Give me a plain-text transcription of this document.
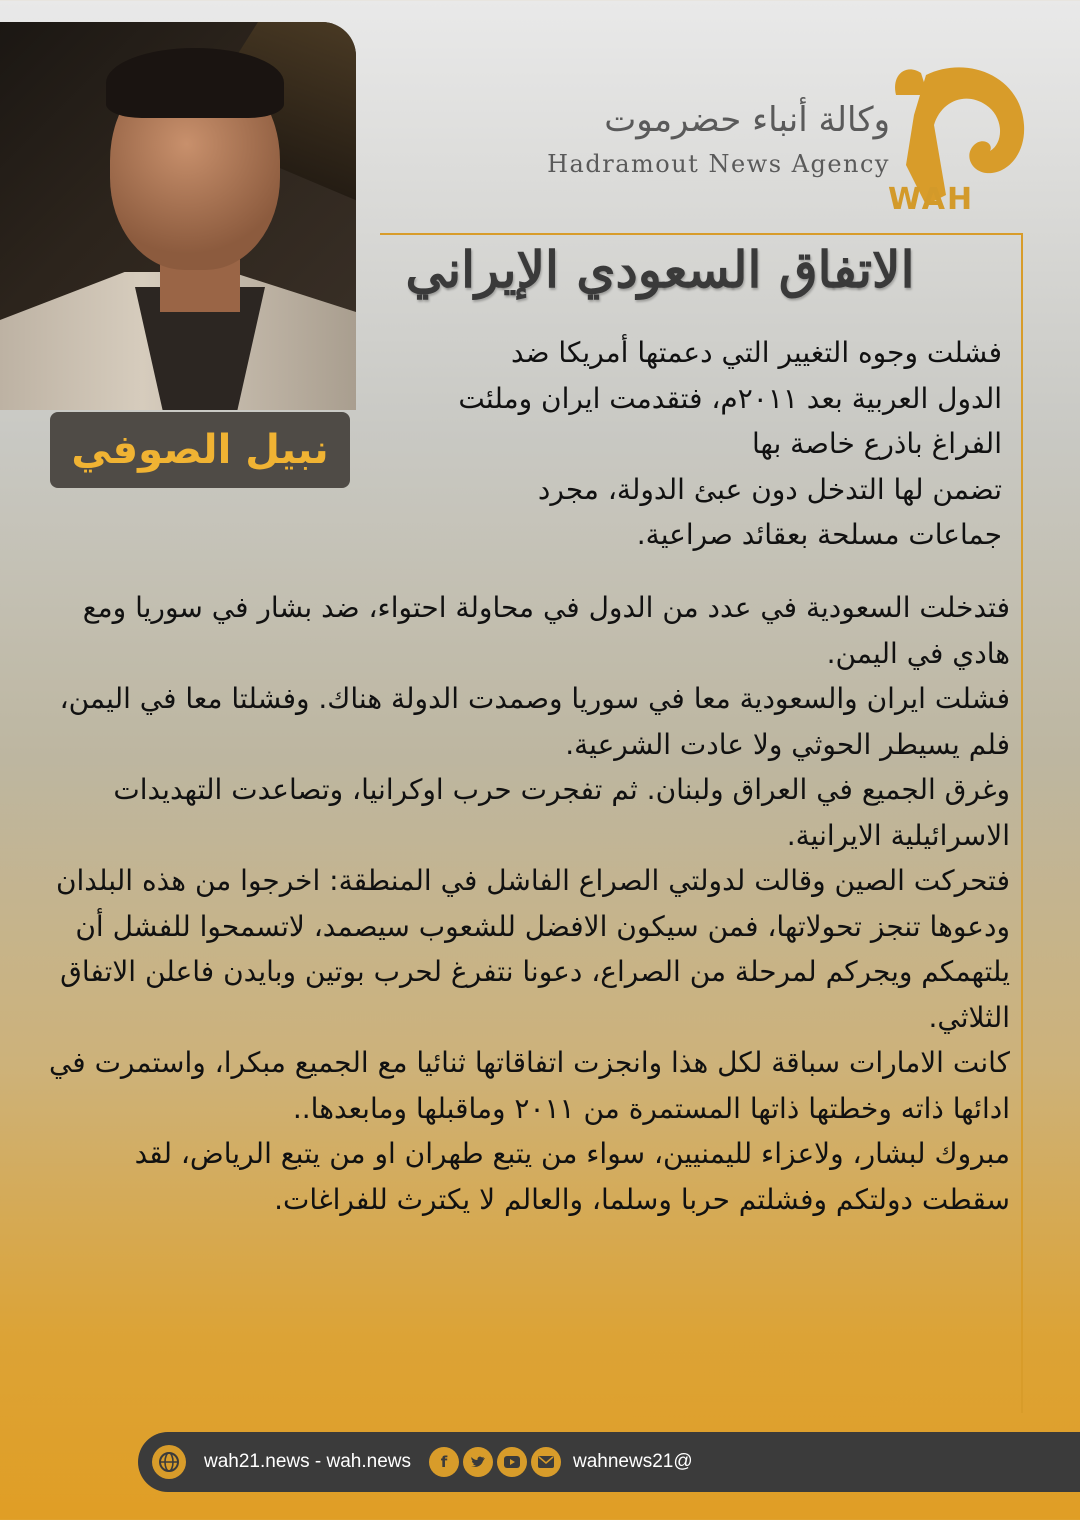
نبيل الصوفي
وكالة أنباء حضرموت
Hadramout News Agency
WAH
الاتفاق السعودي الإيراني
فشلت وجوه التغيير التي دعمتها أمريكا ضد
الدول العربية بعد ٢٠١١م، فتقدمت ايران وملئت
الفراغ باذرع خاصة بها
تضمن لها التدخل دون عبئ الدولة، مجرد
جماعات مسلحة بعقائد صراعية.

فتدخلت السعودية في عدد من الدول في محاولة احتواء، ضد بشار في سوريا ومع هادي في اليمن.

فشلت ايران والسعودية معا في سوريا وصمدت الدولة هناك. وفشلتا معا في اليمن، فلم يسيطر الحوثي ولا عادت الشرعية.

وغرق الجميع في العراق ولبنان. ثم تفجرت حرب اوكرانيا، وتصاعدت التهديدات الاسرائيلية الايرانية.

فتحركت الصين وقالت لدولتي الصراع الفاشل في المنطقة: اخرجوا من هذه البلدان ودعوها تنجز تحولاتها، فمن سيكون الافضل للشعوب سيصمد، لاتسمحوا للفشل أن يلتهمكم ويجركم لمرحلة من الصراع، دعونا نتفرغ لحرب بوتين وبايدن فاعلن الاتفاق الثلاثي.

كانت الامارات سباقة لكل هذا وانجزت اتفاقاتها ثنائيا مع الجميع مبكرا، واستمرت في ادائها ذاته وخطتها ذاتها المستمرة من ٢٠١١ وماقبلها ومابعدها..

مبروك لبشار، ولاعزاء لليمنيين، سواء من يتبع طهران او من يتبع الرياض، لقد سقطت دولتكم وفشلتم حربا وسلما، والعالم لا يكترث للفراغات.

wah21.news - wah.news	f	wahnews21@
